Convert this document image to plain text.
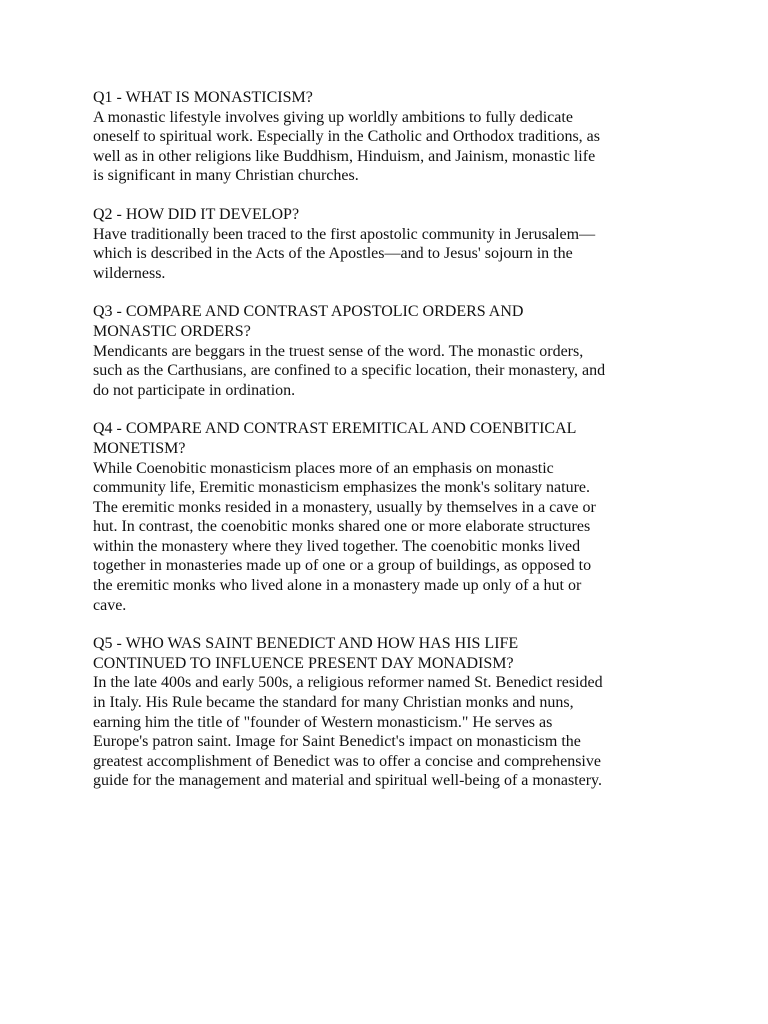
Q1 - WHAT IS MONASTICISM?

A monastic lifestyle involves giving up worldly ambitions to fully dedicate
oneself to spiritual work. Especially in the Catholic and Orthodox traditions, as
well as in other religions like Buddhism, Hinduism, and Jainism, monastic life
is significant in many Christian churches.

Q2 - HOW DID IT DEVELOP?

Have traditionally been traced to the first apostolic community in Jerusalem—
which is described in the Acts of the Apostles—and to Jesus' sojourn in the
wilderness.

Q3 - COMPARE AND CONTRAST APOSTOLIC ORDERS AND
MONASTIC ORDERS?

Mendicants are beggars in the truest sense of the word. The monastic orders,
such as the Carthusians, are confined to a specific location, their monastery, and
do not participate in ordination.

Q4 - COMPARE AND CONTRAST EREMITICAL AND COENBITICAL
MONETISM?

While Coenobitic monasticism places more of an emphasis on monastic
community life, Eremitic monasticism emphasizes the monk's solitary nature.
The eremitic monks resided in a monastery, usually by themselves in a cave or
hut. In contrast, the coenobitic monks shared one or more elaborate structures
within the monastery where they lived together. The coenobitic monks lived
together in monasteries made up of one or a group of buildings, as opposed to
the eremitic monks who lived alone in a monastery made up only of a hut or
cave.

Q5 - WHO WAS SAINT BENEDICT AND HOW HAS HIS LIFE
CONTINUED TO INFLUENCE PRESENT DAY MONADISM?

In the late 400s and early 500s, a religious reformer named St. Benedict resided
in Italy. His Rule became the standard for many Christian monks and nuns,
earning him the title of "founder of Western monasticism." He serves as
Europe's patron saint. Image for Saint Benedict's impact on monasticism the
greatest accomplishment of Benedict was to offer a concise and comprehensive
guide for the management and material and spiritual well-being of a monastery.
